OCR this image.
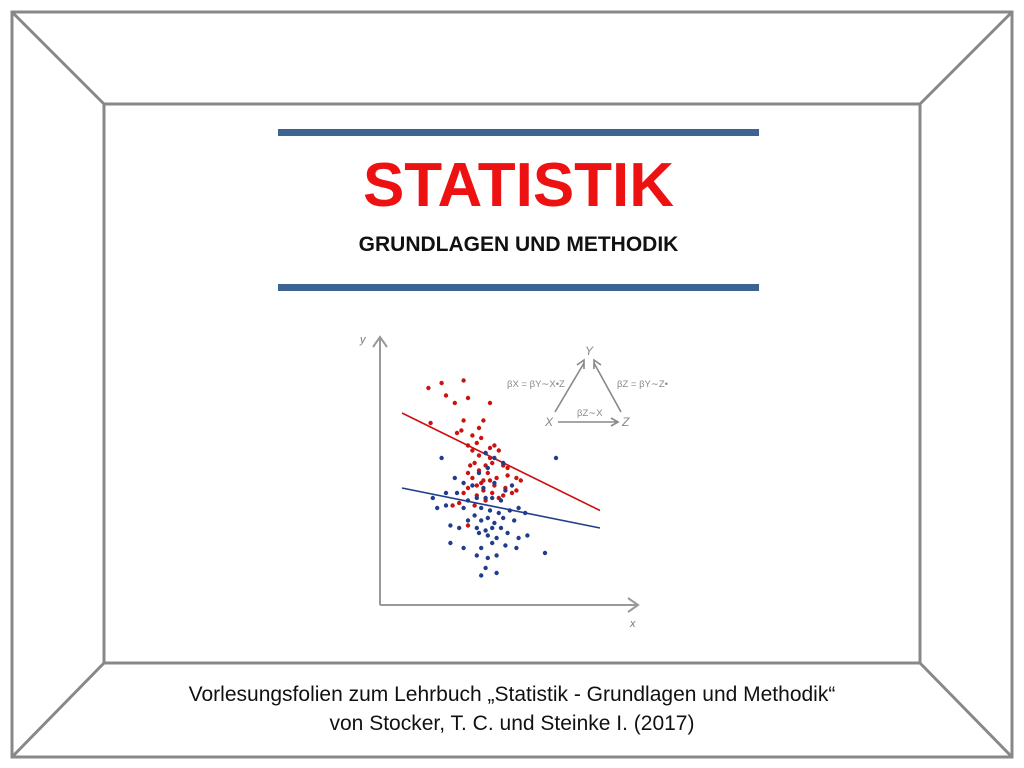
STATISTIK
GRUNDLAGEN UND METHODIK
y
x
Y
X	Z
βX = βY∼X•Z	βZ = βY∼Z•
βZ∼X
Vorlesungsfolien zum Lehrbuch „Statistik - Grundlagen und Methodik“
von Stocker, T. C. und Steinke I. (2017)
